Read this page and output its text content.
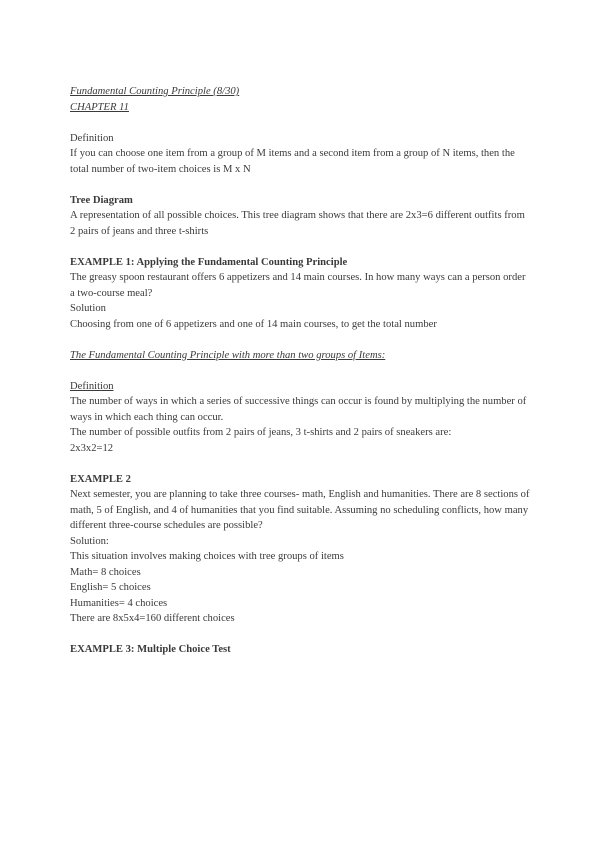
Fundamental Counting Principle (8/30)
CHAPTER 11
Definition
If you can choose one item from a group of M items and a second item from a group of N items, then the total number of two-item choices is M x N
Tree Diagram
A representation of all possible choices. This tree diagram shows that there are 2x3=6 different outfits from 2 pairs of jeans and three t-shirts
EXAMPLE 1: Applying the Fundamental Counting Principle
The greasy spoon restaurant offers 6 appetizers and 14 main courses. In how many ways can a person order a two-course meal?
Solution
Choosing from one of 6 appetizers and one of 14 main courses, to get the total number
The Fundamental Counting Principle with more than two groups of Items:
Definition
The number of ways in which a series of successive things can occur is found by multiplying the number of ways in which each thing can occur.
The number of possible outfits from 2 pairs of jeans, 3 t-shirts and 2 pairs of sneakers are:
2x3x2=12
EXAMPLE 2
Next semester, you are planning to take three courses- math, English and humanities. There are 8 sections of math, 5 of English, and 4 of humanities that you find suitable. Assuming no scheduling conflicts, how many different three-course schedules are possible?
Solution:
This situation involves making choices with tree groups of items
Math= 8 choices
English= 5 choices
Humanities= 4 choices
There are 8x5x4=160 different choices
EXAMPLE 3: Multiple Choice Test
